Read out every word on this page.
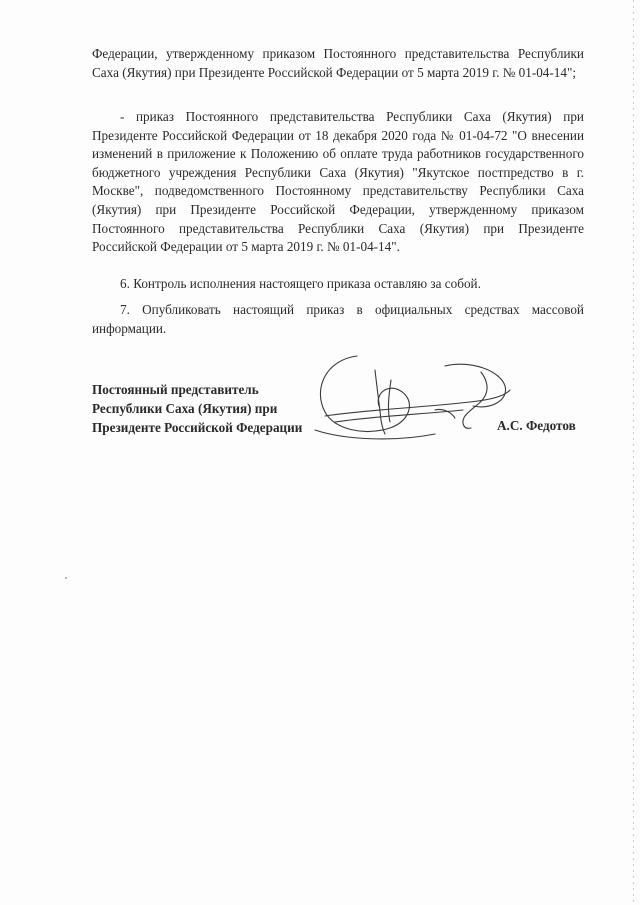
Федерации, утвержденному приказом Постоянного представительства Республики Саха (Якутия) при Президенте Российской Федерации от 5 марта 2019 г. № 01-04-14";

- приказ Постоянного представительства Республики Саха (Якутия) при Президенте Российской Федерации от 18 декабря 2020 года № 01-04-72 "О внесении изменений в приложение к Положению об оплате труда работников государственного бюджетного учреждения Республики Саха (Якутия) "Якутское постпредство в г. Москве", подведомственного Постоянному представительству Республики Саха (Якутия) при Президенте Российской Федерации, утвержденному приказом Постоянного представительства Республики Саха (Якутия) при Президенте Российской Федерации от 5 марта 2019 г. № 01-04-14".

6. Контроль исполнения настоящего приказа оставляю за собой.

7. Опубликовать настоящий приказ в официальных средствах массовой информации.

Постоянный представитель
Республики Саха (Якутия) при
Президенте Российской Федерации	А.С. Федотов
